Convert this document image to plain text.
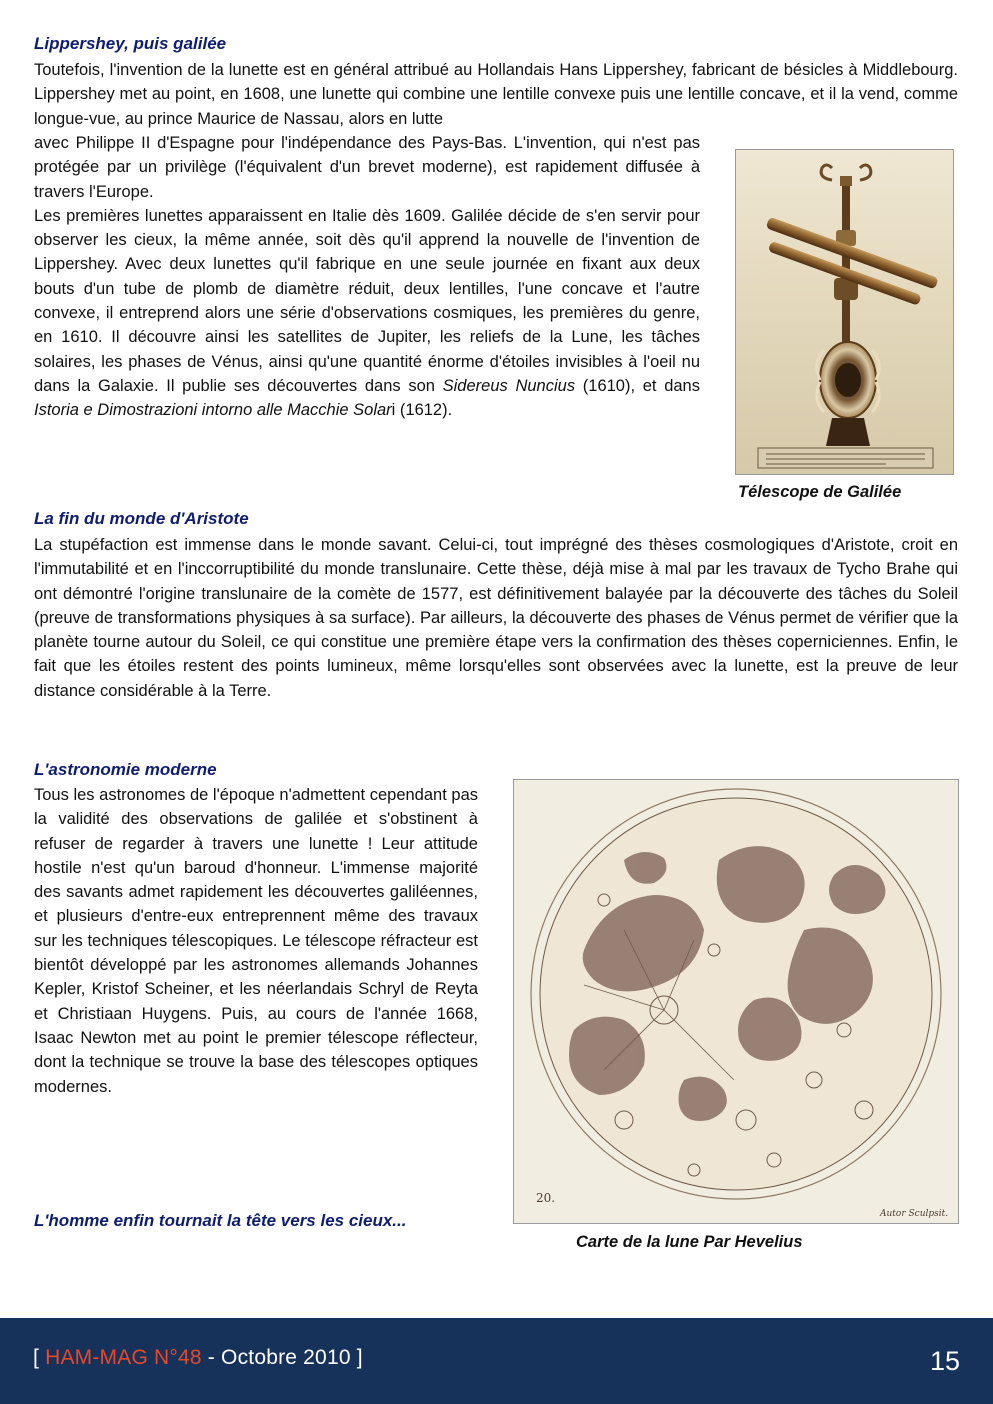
Lippershey, puis galilée

Toutefois, l'invention de la lunette est en général attribué au Hollandais Hans Lippershey, fabricant de bésicles à Middlebourg. Lippershey met au point, en 1608, une lunette qui combine une lentille convexe puis une lentille concave, et il la vend, comme longue-vue, au prince Maurice de Nassau, alors en lutte

avec Philippe II d'Espagne pour l'indépendance des Pays-Bas. L'invention, qui n'est pas protégée par un privilège (l'équivalent d'un brevet moderne), est rapidement diffusée à travers l'Europe.
Les premières lunettes apparaissent en Italie dès 1609. Galilée décide de s'en servir pour observer les cieux, la même année, soit dès qu'il apprend la nouvelle de l'invention de Lippershey. Avec deux lunettes qu'il fabrique en une seule journée en fixant aux deux bouts d'un tube de plomb de diamètre réduit, deux lentilles, l'une concave et l'autre convexe, il entreprend alors une série d'observations cosmiques, les premières du genre, en 1610. Il découvre ainsi les satellites de Jupiter, les reliefs de la Lune, les tâches solaires, les phases de Vénus, ainsi qu'une quantité énorme d'étoiles invisibles à l'oeil nu dans la Galaxie. Il publie ses découvertes dans son Sidereus Nuncius (1610), et dans Istoria e Dimostrazioni intorno alle Macchie Solari (1612).
Télescope de Galilée
La fin du monde d'Aristote

La stupéfaction est immense dans le monde savant. Celui-ci, tout imprégné des thèses cosmologiques d'Aristote, croit en l'immutabilité et en l'inccorruptibilité du monde translunaire. Cette thèse, déjà mise à mal par les travaux de Tycho Brahe qui ont démontré l'origine translunaire de la comète de 1577, est définitivement balayée par la découverte des tâches du Soleil (preuve de transformations physiques à sa surface). Par ailleurs, la découverte des phases de Vénus permet de vérifier que la planète tourne autour du Soleil, ce qui constitue une première étape vers la confirmation des thèses coperniciennes. Enfin, le fait que les étoiles restent des points lumineux, même lorsqu'elles sont observées avec la lunette, est la preuve de leur distance considérable à la Terre.

L'astronomie moderne

Tous les astronomes de l'époque n'admettent cependant pas la validité des observations de galilée et s'obstinent à refuser de regarder à travers une lunette ! Leur attitude hostile n'est qu'un baroud d'honneur. L'immense majorité des savants admet rapidement les découvertes galiléennes, et plusieurs d'entre-eux entreprennent même des travaux sur les techniques télescopiques. Le télescope réfracteur est bientôt développé par les astronomes allemands Johannes Kepler, Kristof Scheiner, et les néerlandais Schryl de Reyta et Christiaan Huygens. Puis, au cours de l'année 1668, Isaac Newton met au point le premier télescope réflecteur, dont la technique se trouve la base des télescopes optiques modernes.

L'homme enfin tournait la tête vers les cieux...
20.
Autor Sculpsit.
Carte de la lune Par Hevelius
[ HAM-MAG N°48 - Octobre 2010 ]	15
